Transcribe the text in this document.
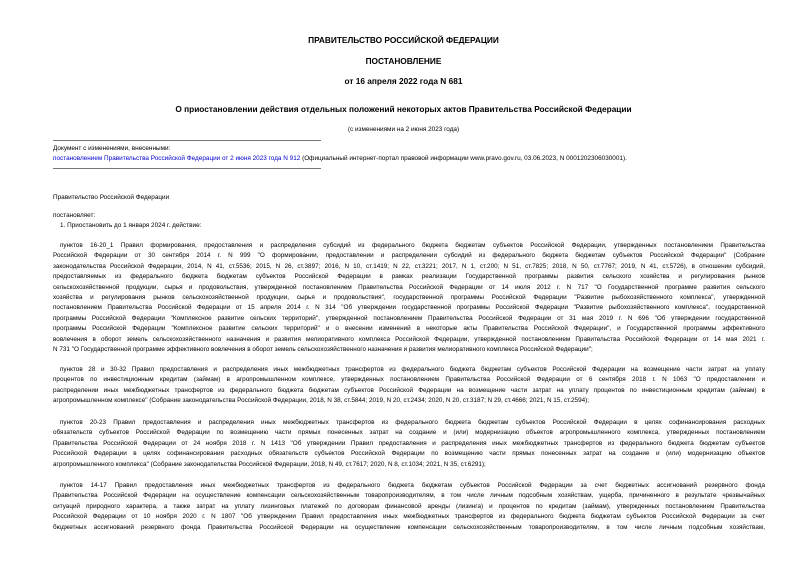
ПРАВИТЕЛЬСТВО РОССИЙСКОЙ ФЕДЕРАЦИИ
ПОСТАНОВЛЕНИЕ
от 16 апреля 2022 года N 681
О приостановлении действия отдельных положений некоторых актов Правительства Российской Федерации
(с изменениями на 2 июня 2023 года)
Документ с изменениями, внесенными:
постановлением Правительства Российской Федерации от 2 июня 2023 года N 912 (Официальный интернет-портал правовой информации www.pravo.gov.ru, 03.06.2023, N 0001202306030001).
Правительство Российской Федерации
постановляет:
1. Приостановить до 1 января 2024 г. действие:
пунктов 16-20_1 Правил формирования, предоставления и распределения субсидий из федерального бюджета бюджетам субъектов Российской Федерации, утвержденных постановлением Правительства
Российской Федерации от 30 сентября 2014 г. N 999 "О формировании, предоставлении и распределении субсидий из федерального бюджета бюджетам субъектов Российской Федерации" (Собрание
законодательства Российской Федерации, 2014, N 41, ст.5536; 2015, N 26, ст.3897; 2016, N 10, ст.1419; N 22, ст.3221; 2017, N 1, ст.200; N 51, ст.7825; 2018, N 50, ст.7767; 2019, N 41, ст.5726), в отношении субсидий,
предоставляемых из федерального бюджета бюджетам субъектов Российской Федерации в рамках реализации Государственной программы развития сельского хозяйства и регулирования рынков
сельскохозяйственной продукции, сырья и продовольствия, утвержденной постановлением Правительства Российской Федерации от 14 июля 2012 г. N 717 "О Государственной программе развития сельского
хозяйства и регулирования рынков сельскохозяйственной продукции, сырья и продовольствия", государственной программы Российской Федерации "Развитие рыбохозяйственного комплекса", утвержденной
постановлением Правительства Российской Федерации от 15 апреля 2014 г. N 314 "Об утверждении государственной программы Российской Федерации "Развитие рыбохозяйственного комплекса", государственной
программы Российской Федерации "Комплексное развитие сельских территорий", утвержденной постановлением Правительства Российской Федерации от 31 мая 2019 г. N 696 "Об утверждении государственной
программы Российской Федерации "Комплексное развитие сельских территорий" и о внесении изменений в некоторые акты Правительства Российской Федерации", и Государственной программы эффективного
вовлечения в оборот земель сельскохозяйственного назначения и развития мелиоративного комплекса Российской Федерации, утвержденной постановлением Правительства Российской Федерации от 14 мая 2021 г.
N 731 "О Государственной программе эффективного вовлечения в оборот земель сельскохозяйственного назначения и развития мелиоративного комплекса Российской Федерации";
пунктов 28 и 30-32 Правил предоставления и распределения иных межбюджетных трансфертов из федерального бюджета бюджетам субъектов Российской Федерации на возмещение части затрат на уплату
процентов по инвестиционным кредитам (займам) в агропромышленном комплексе, утвержденных постановлением Правительства Российской Федерации от 6 сентября 2018 г. N 1063 "О предоставлении и
распределении иных межбюджетных трансфертов из федерального бюджета бюджетам субъектов Российской Федерации на возмещение части затрат на уплату процентов по инвестиционным кредитам (займам) в
агропромышленном комплексе" (Собрание законодательства Российской Федерации, 2018, N 38, ст.5844; 2019, N 20, ст.2434; 2020, N 20, ст.3187; N 29, ст.4666; 2021, N 15, ст.2594);
пунктов 20-23 Правил предоставления и распределения иных межбюджетных трансфертов из федерального бюджета бюджетам субъектов Российской Федерации в целях софинансирования расходных
обязательств субъектов Российской Федерации по возмещению части прямых понесенных затрат на создание и (или) модернизацию объектов агропромышленного комплекса, утвержденных постановлением
Правительства Российской Федерации от 24 ноября 2018 г. N 1413 "Об утверждении Правил предоставления и распределения иных межбюджетных трансфертов из федерального бюджета бюджетам субъектов
Российской Федерации в целях софинансирования расходных обязательств субъектов Российской Федерации по возмещению части прямых понесенных затрат на создание и (или) модернизацию объектов
агропромышленного комплекса" (Собрание законодательства Российской Федерации, 2018, N 49, ст.7617; 2020, N 8, ст.1034; 2021, N 35, ст.6291);
пунктов 14-17 Правил предоставления иных межбюджетных трансфертов из федерального бюджета бюджетам субъектов Российской Федерации за счет бюджетных ассигнований резервного фонда
Правительства Российской Федерации на осуществление компенсации сельскохозяйственным товаропроизводителям, в том числе личным подсобным хозяйствам, ущерба, причиненного в результате чрезвычайных
ситуаций природного характера, а также затрат на уплату лизинговых платежей по договорам финансовой аренды (лизинга) и процентов по кредитам (займам), утвержденных постановлением Правительства
Российской Федерации от 10 ноября 2020 г. N 1807 "Об утверждении Правил предоставления иных межбюджетных трансфертов из федерального бюджета бюджетам субъектов Российской Федерации за счет
бюджетных ассигнований резервного фонда Правительства Российской Федерации на осуществление компенсации сельскохозяйственным товаропроизводителям, в том числе личным подсобным хозяйствам,
